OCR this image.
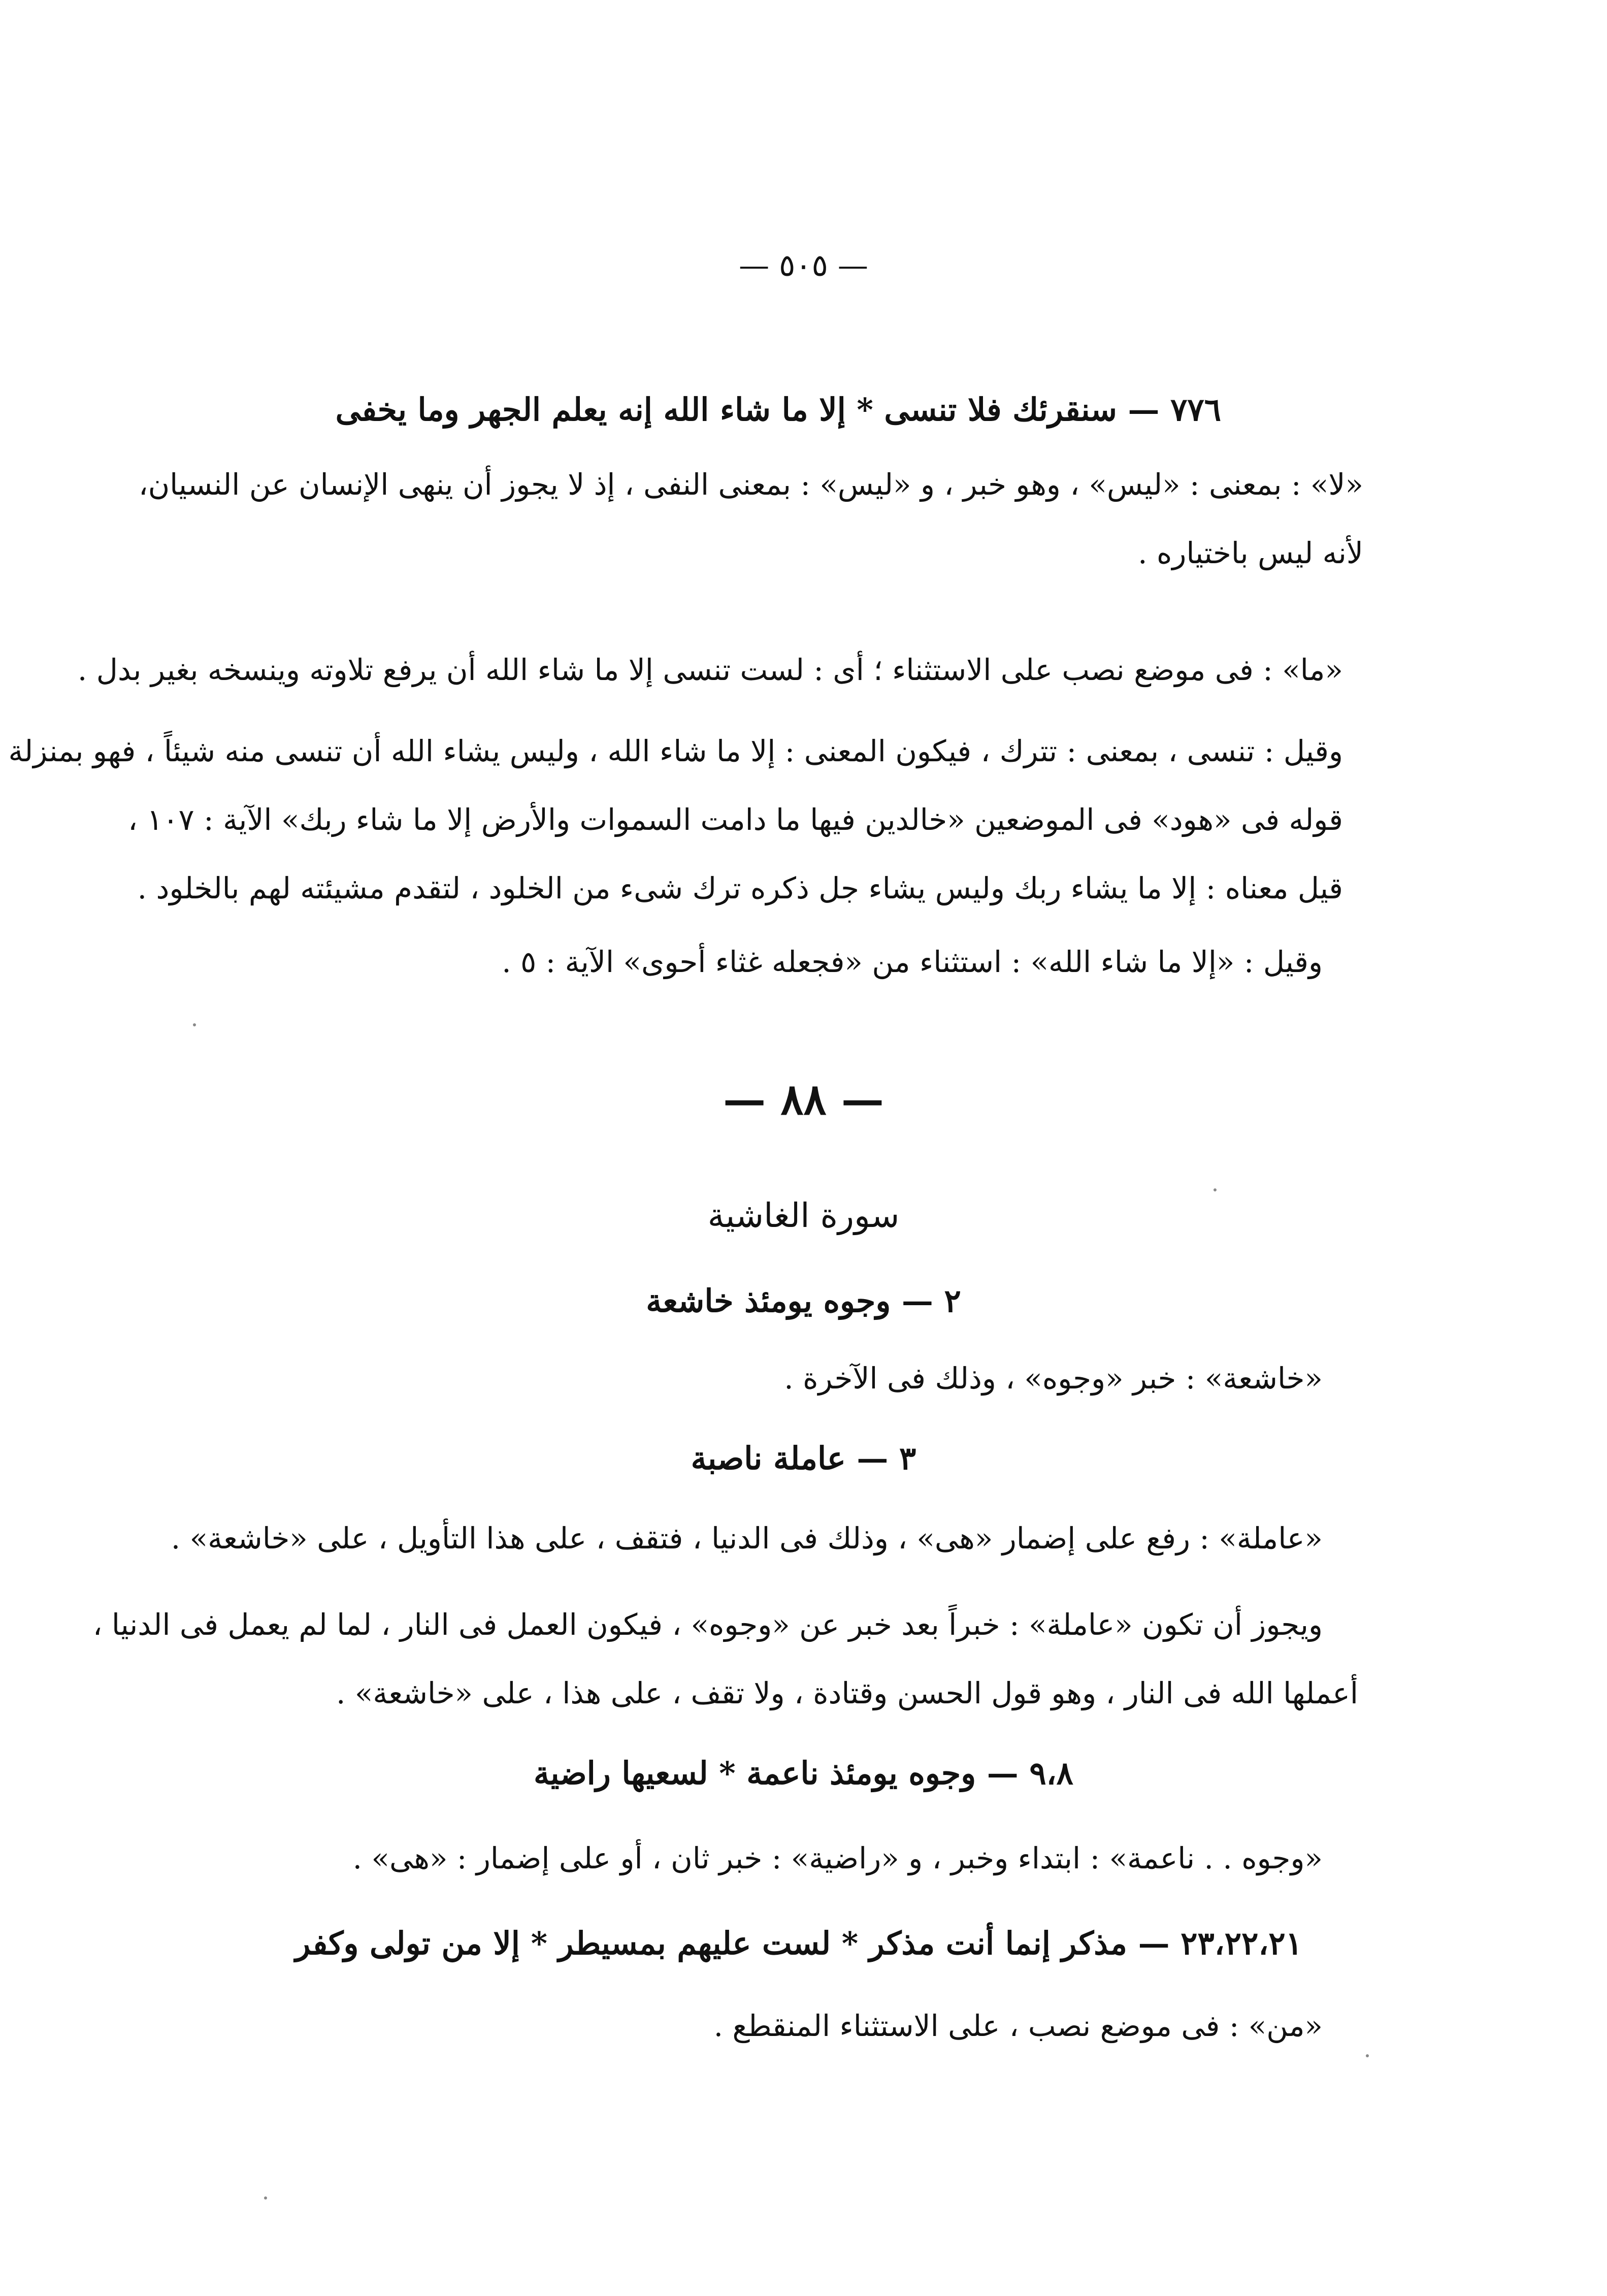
— ٥٠٥ —
٧٧٦ — سنقرئك فلا تنسى * إلا ما شاء الله إنه يعلم الجهر وما يخفى
«لا» : بمعنى : «ليس» ، وهو خبر ، و «ليس» : بمعنى النفى ، إذ لا يجوز أن ينهى الإنسان عن النسيان،
لأنه ليس باختياره .
«ما» : فى موضع نصب على الاستثناء ؛ أى : لست تنسى إلا ما شاء الله أن يرفع تلاوته وينسخه بغير بدل .
وقيل : تنسى ، بمعنى : تترك ، فيكون المعنى : إلا ما شاء الله ، وليس يشاء الله أن تنسى منه شيئاً ، فهو بمنزلة
قوله فى «هود» فى الموضعين «خالدين فيها ما دامت السموات والأرض إلا ما شاء ربك» الآية : ١٠٧ ،
قيل معناه : إلا ما يشاء ربك وليس يشاء جل ذكره ترك شىء من الخلود ، لتقدم مشيئته لهم بالخلود .
وقيل : «إلا ما شاء الله» : استثناء من «فجعله غثاء أحوى» الآية : ٥ .
— ٨٨ —
سورة الغاشية
٢ — وجوه يومئذ خاشعة
«خاشعة» : خبر «وجوه» ، وذلك فى الآخرة .
٣ — عاملة ناصبة
«عاملة» : رفع على إضمار «هى» ، وذلك فى الدنيا ، فتقف ، على هذا التأويل ، على «خاشعة» .
ويجوز أن تكون «عاملة» : خبراً بعد خبر عن «وجوه» ، فيكون العمل فى النار ، لما لم يعمل فى الدنيا ،
أعملها الله فى النار ، وهو قول الحسن وقتادة ، ولا تقف ، على هذا ، على «خاشعة» .
٩،٨ — وجوه يومئذ ناعمة * لسعيها راضية
«وجوه . . ناعمة» : ابتداء وخبر ، و «راضية» : خبر ثان ، أو على إضمار : «هى» .
٢٣،٢٢،٢١ — مذكر إنما أنت مذكر * لست عليهم بمسيطر * إلا من تولى وكفر
«من» : فى موضع نصب ، على الاستثناء المنقطع .
